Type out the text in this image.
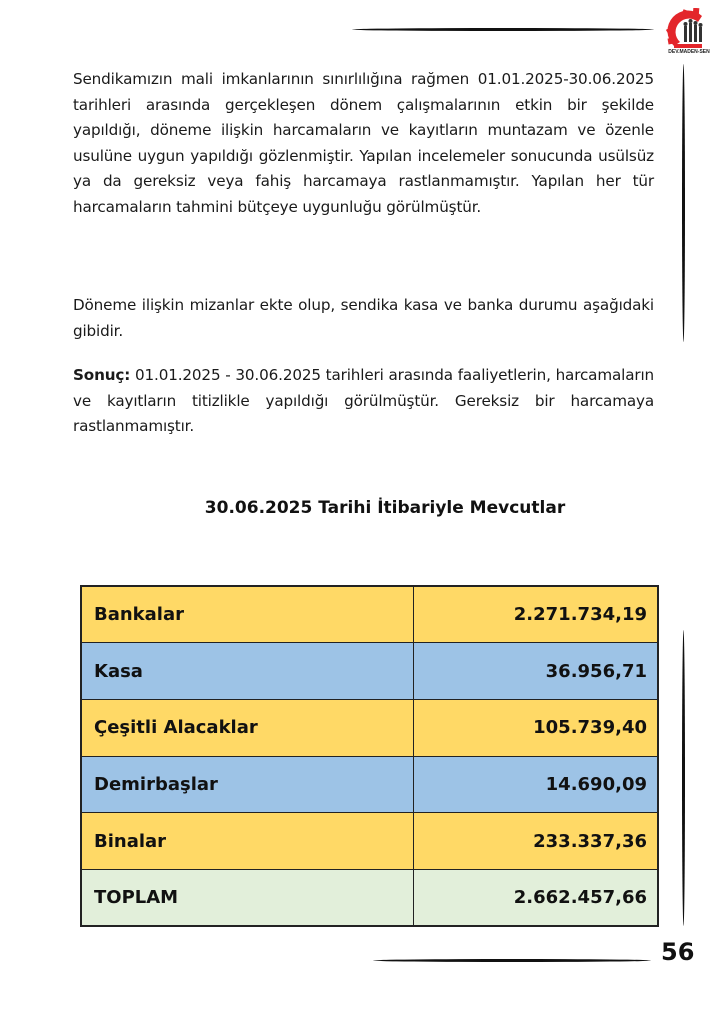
DEV.MADEN-SEN

Sendikamızın mali imkanlarının sınırlılığına rağmen 01.01.2025-30.06.2025 tarihleri arasında gerçekleşen dönem çalışmalarının etkin bir şekilde yapıldığı, döneme ilişkin harcamaların ve kayıtların muntazam ve özenle usulüne uygun yapıldığı gözlenmiştir. Yapılan incelemeler sonucunda usülsüz ya da gereksiz veya fahiş harcamaya rastlanmamıştır. Yapılan her tür harcamaların tahmini bütçeye uygunluğu görülmüştür.

Döneme ilişkin mizanlar ekte olup, sendika kasa ve banka durumu aşağıdaki gibidir.

Sonuç: 01.01.2025 - 30.06.2025 tarihleri arasında faaliyetlerin, harcamaların ve kayıtların titizlikle yapıldığı görülmüştür. Gereksiz bir harcamaya rastlanmamıştır.

30.06.2025 Tarihi İtibariyle Mevcutlar
Bankalar	2.271.734,19
Kasa	36.956,71
Çeşitli Alacaklar	105.739,40
Demirbaşlar	14.690,09
Binalar	233.337,36
TOPLAM	2.662.457,66
56
